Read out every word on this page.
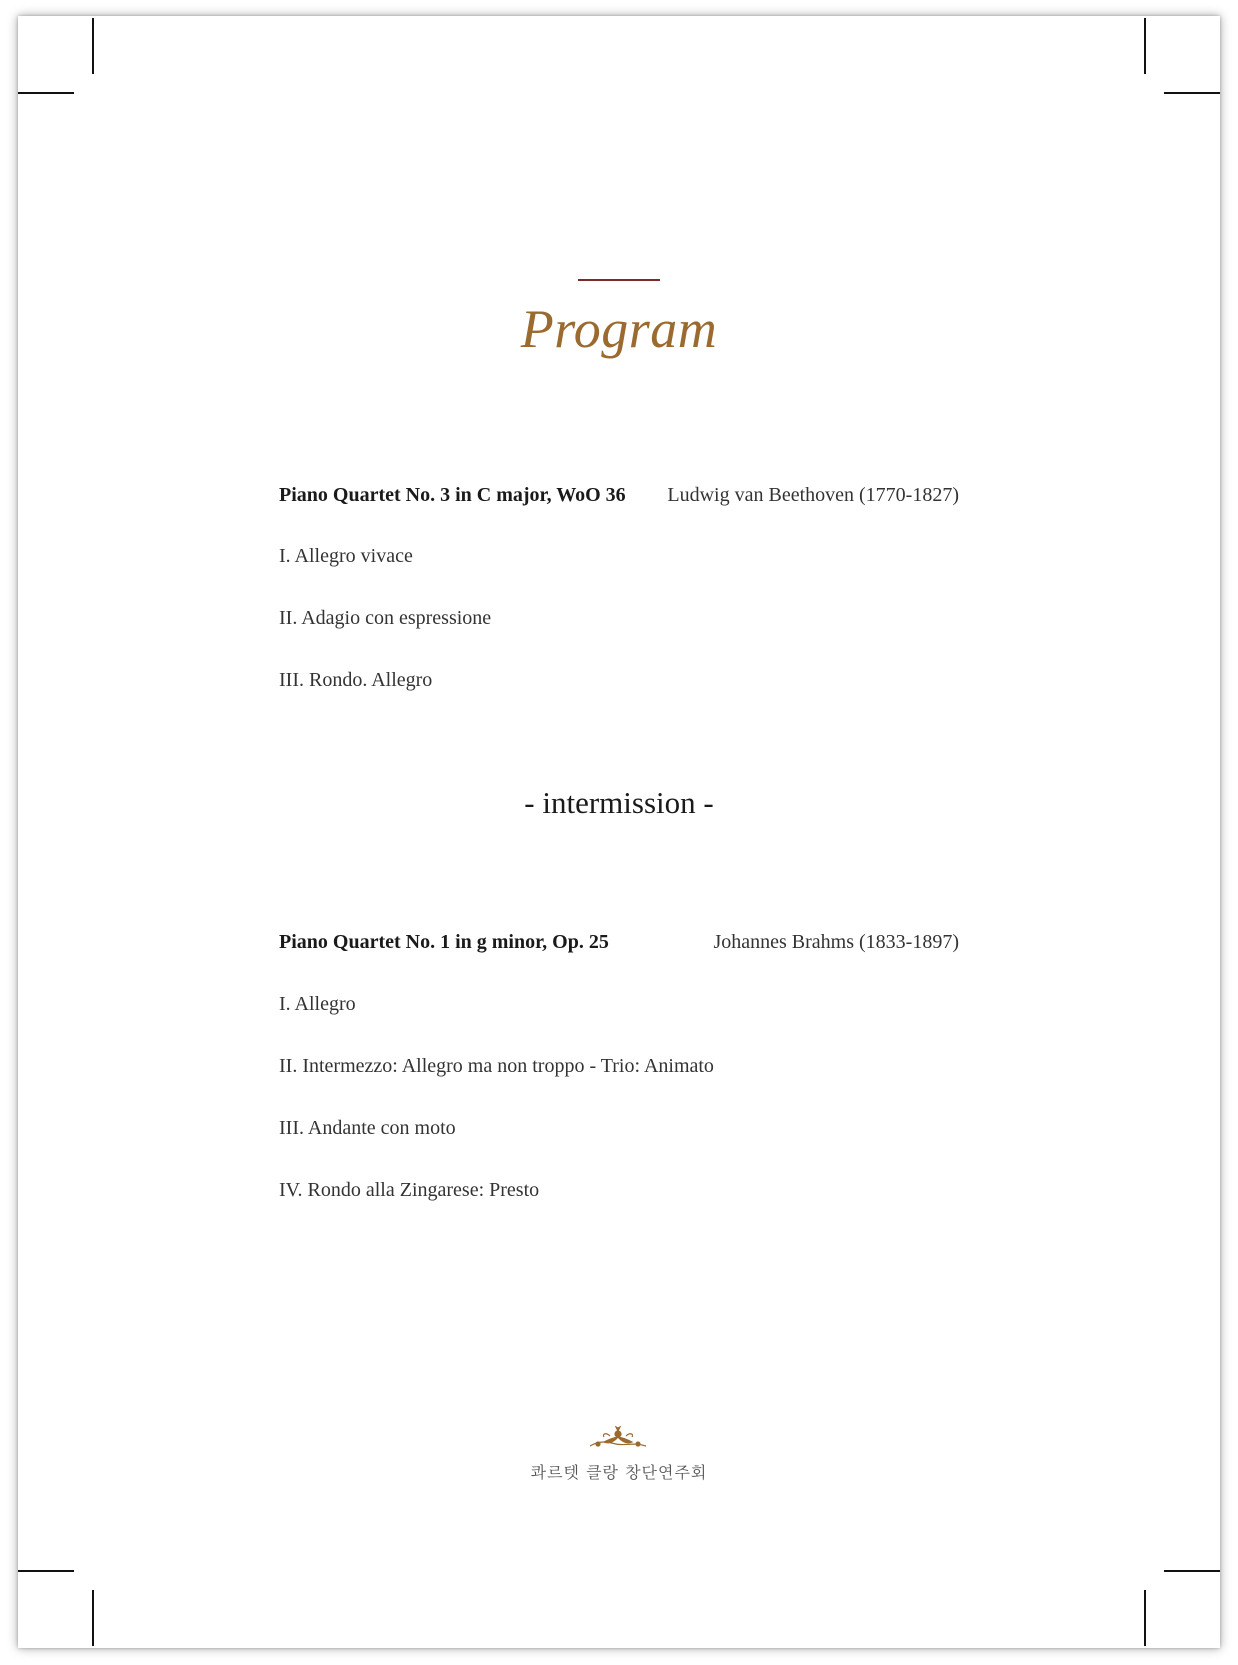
Program
Piano Quartet No. 3 in C major, WoO 36 Ludwig van Beethoven (1770-1827)
I. Allegro vivace
II. Adagio con espressione
III. Rondo. Allegro
- intermission -
Piano Quartet No. 1 in g minor, Op. 25	Johannes Brahms (1833-1897)
I. Allegro
II. Intermezzo: Allegro ma non troppo - Trio: Animato
III. Andante con moto
IV. Rondo alla Zingarese: Presto
콰르텟 클랑 창단연주회
